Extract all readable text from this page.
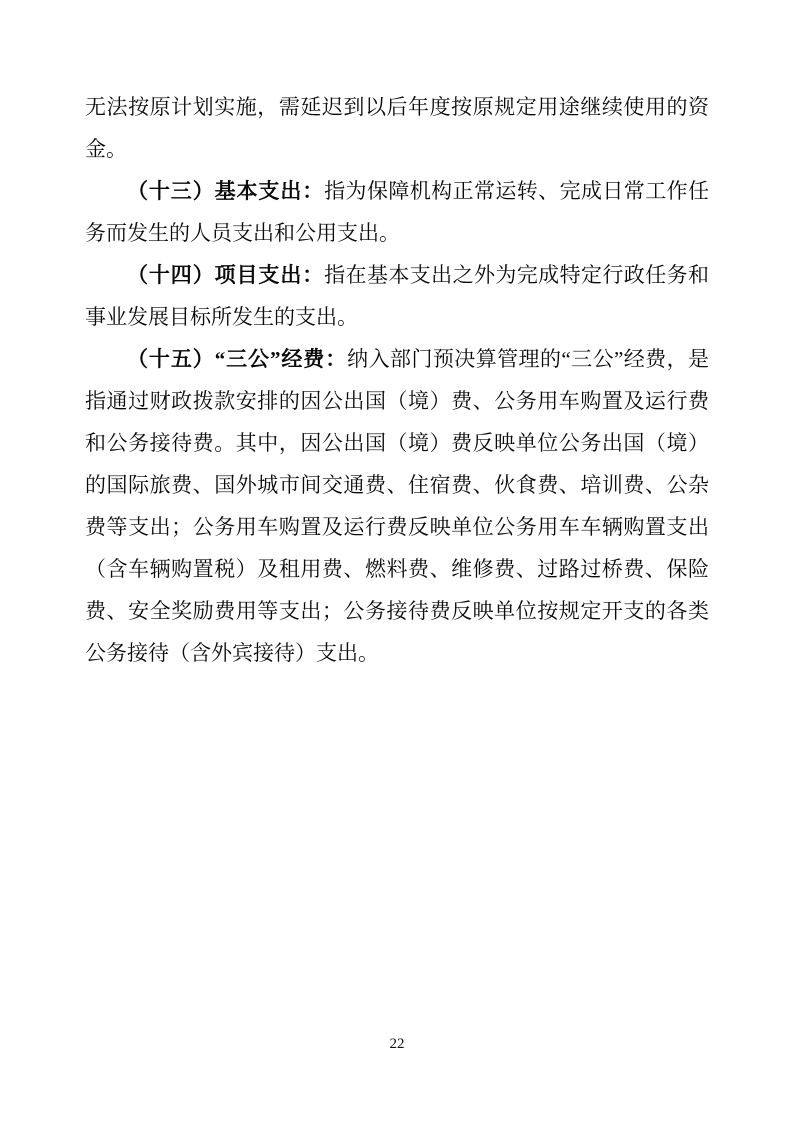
无法按原计划实施，需延迟到以后年度按原规定用途继续使用的资金。

（十三）基本支出：指为保障机构正常运转、完成日常工作任务而发生的人员支出和公用支出。

（十四）项目支出：指在基本支出之外为完成特定行政任务和事业发展目标所发生的支出。

（十五）“三公”经费：纳入部门预决算管理的“三公”经费，是指通过财政拨款安排的因公出国（境）费、公务用车购置及运行费和公务接待费。其中，因公出国（境）费反映单位公务出国（境）的国际旅费、国外城市间交通费、住宿费、伙食费、培训费、公杂费等支出；公务用车购置及运行费反映单位公务用车车辆购置支出（含车辆购置税）及租用费、燃料费、维修费、过路过桥费、保险费、安全奖励费用等支出；公务接待费反映单位按规定开支的各类公务接待（含外宾接待）支出。

22
